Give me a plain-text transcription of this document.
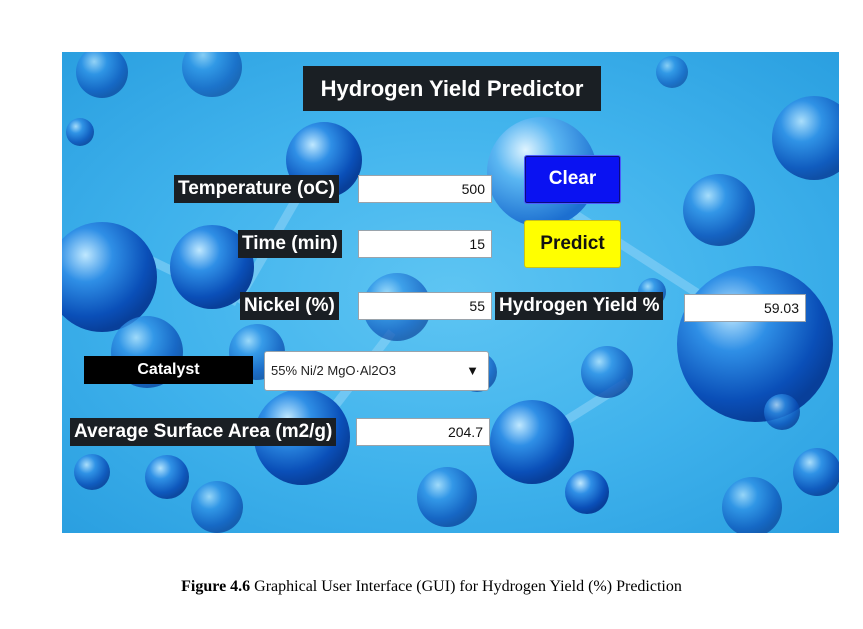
Hydrogen Yield Predictor
Temperature (oC)	500
Time (min)	15
Nickel (%)	55 Hydrogen Yield %	59.03
Catalyst	55% Ni/2 MgO·Al2O3	▼
Average Surface Area (m2/g)	204.7
Clear
Predict
Figure 4.6 Graphical User Interface (GUI) for Hydrogen Yield (%) Prediction
